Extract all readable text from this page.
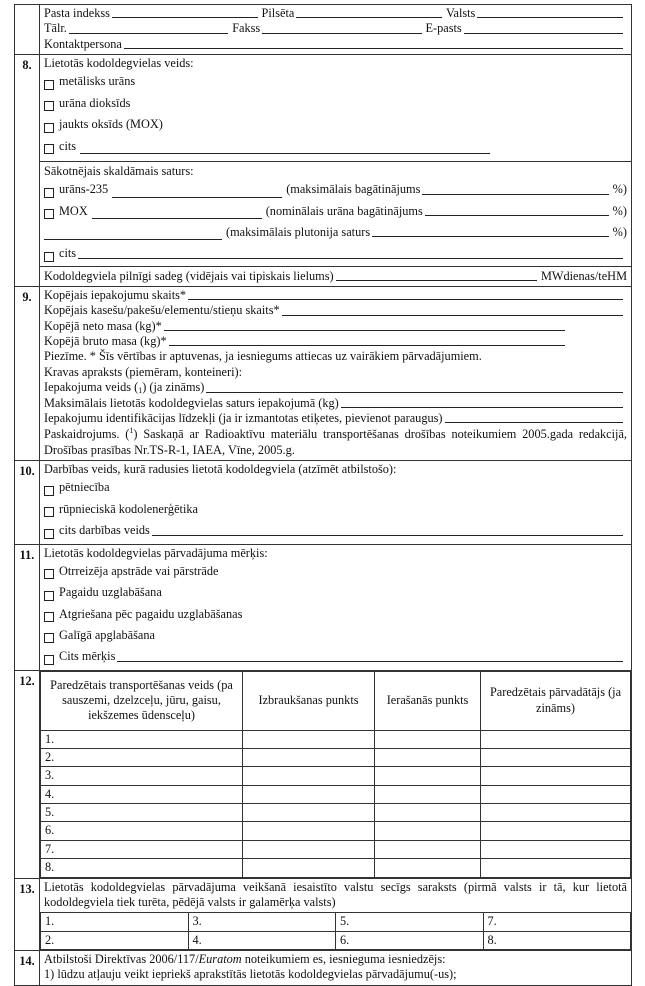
Pasta indekss	Pilsēta	Valsts
Tālr.	Fakss	E-pasts
Kontaktpersona

8.	Lietotās kodoldegvielas veids:
metālisks urāns
urāna dioksīds
jaukts oksīds (MOX)
cits
Sākotnējais skaldāmais saturs:
urāns-235	(maksimālais bagātinājums	%)
MOX	(nominālais urāna bagātinājums	%)
(maksimālais plutonija saturs	%)
cits
Kodoldegviela pilnīgi sadeg (vidējais vai tipiskais lielums)	MWdienas/teHM

9.	Kopējais iepakojumu skaits*
Kopējais kasešu/pakešu/elementu/stieņu skaits*
Kopējā neto masa (kg)*
Kopējā bruto masa (kg)*
Piezīme. * Šīs vērtības ir aptuvenas, ja iesniegums attiecas uz vairākiem pārvadājumiem.
Kravas apraksts (piemēram, konteineri):
Iepakojuma veids ($_1$ ) (ja zināms)
Maksimālais lietotās kodoldegvielas saturs iepakojumā (kg)
Iepakojumu identifikācijas līdzekļi (ja ir izmantotas etiķetes, pievienot paraugus)
Paskaidrojums. ($^1$) Saskaņā ar Radioaktīvu materiālu transportēšanas drošības noteikumiem 2005.gada redakcijā, Drošības prasības Nr.TS-R-1, IAEA, Vīne, 2005.g.

10.	Darbības veids, kurā radusies lietotā kodoldegviela (atzīmēt atbilstošo):
pētniecība
rūpnieciskā kodolenerģētika
cits darbības veids

11.	Lietotās kodoldegvielas pārvadājuma mērķis:
Otrreizēja apstrāde vai pārstrāde
Pagaidu uzglabāšana
Atgriešana pēc pagaidu uzglabāšanas
Galīgā apglabāšana
Cits mērķis

12.	Paredzētais transportēšanas veids (pa sauszemi, dzelzceļu, jūru, gaisu, iekšzemes ūdensceļu)	Izbraukšanas punkts	Ierašanās punkts	Paredzētais pārvadātājs (ja zināms)
1.			
2.			
3.			
4.			
5.			
6.			
7.			
8.			

13.	Lietotās kodoldegvielas pārvadājuma veikšanā iesaistīto valstu secīgs saraksts (pirmā valsts ir tā, kur lietotā kodoldegviela tiek turēta, pēdējā valsts ir galamērķa valsts)
1.	3.	5.	7.
2.	4.	6.	8.

14.	Atbilstoši Direktīvas 2006/117/Euratom noteikumiem es, iesnieguma iesniedzējs:
1) lūdzu atļauju veikt iepriekš aprakstītās lietotās kodoldegvielas pārvadājumu(-us);
